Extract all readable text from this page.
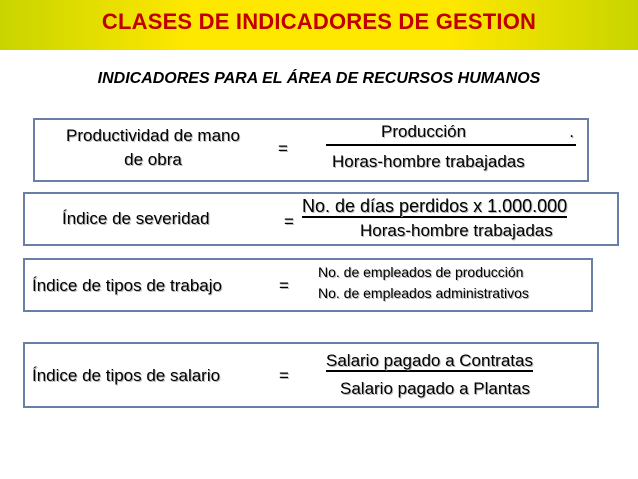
CLASES DE INDICADORES DE GESTION
INDICADORES PARA EL ÁREA DE RECURSOS HUMANOS
Productividad de mano
de obra
=
Producción	.
Horas-hombre trabajadas
Índice de severidad	=
No. de días perdidos x 1.000.000
Horas-hombre trabajadas
Índice de tipos de trabajo	=
No. de empleados de producción
No. de empleados administrativos
Índice de tipos de salario	=
Salario pagado a Contratas
Salario pagado a Plantas
